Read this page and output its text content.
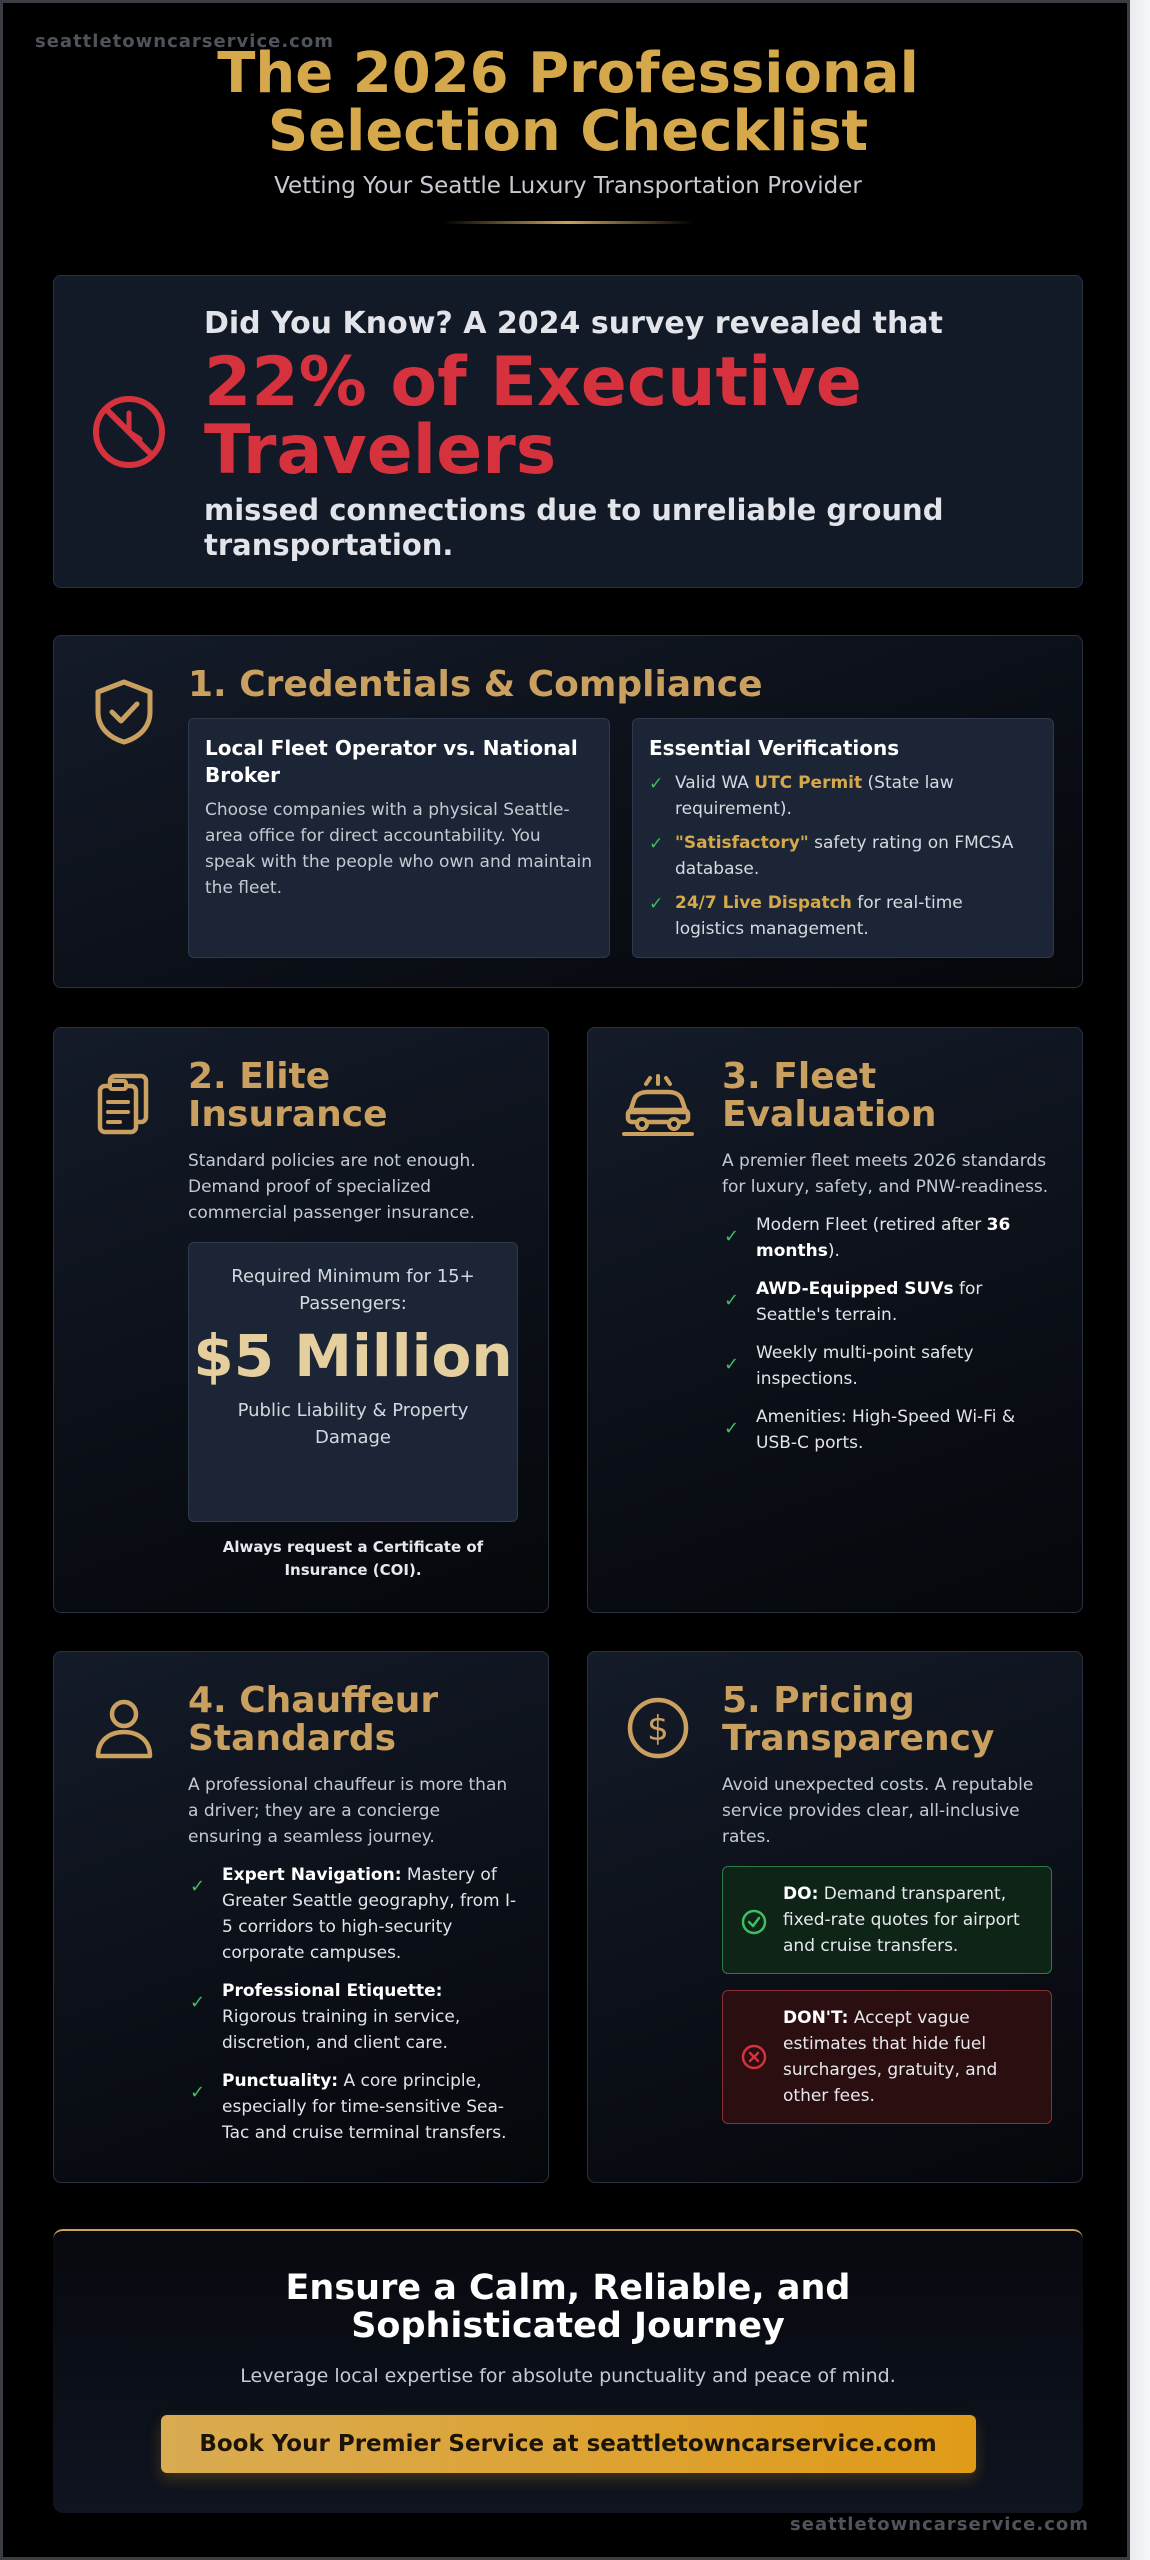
seattletowncarservice.com
The 2026 Professional Selection Checklist
Vetting Your Seattle Luxury Transportation Provider
Did You Know? A 2024 survey revealed that
22% of Executive Travelers
missed connections due to unreliable ground transportation.
1. Credentials & Compliance
Local Fleet Operator vs. National Broker

Choose companies with a physical Seattle-area office for direct accountability. You speak with the people who own and maintain the fleet.

Essential Verifications
✓ Valid WA UTC Permit (State law requirement).
✓ "Satisfactory" safety rating on FMCSA database.
✓ 24/7 Live Dispatch for real-time logistics management.
2. Elite Insurance

Standard policies are not enough. Demand proof of specialized commercial passenger insurance.

Required Minimum for 15+ Passengers:
$5 Million
Public Liability & Property Damage
Always request a Certificate of Insurance (COI).
3. Fleet Evaluation

A premier fleet meets 2026 standards for luxury, safety, and PNW-readiness.

✓
Modern Fleet (retired after 36 months).
✓
AWD-Equipped SUVs for Seattle's terrain.
✓
Weekly multi-point safety inspections.
✓
Amenities: High-Speed Wi-Fi & USB-C ports.
4. Chauffeur Standards

A professional chauffeur is more than a driver; they are a concierge ensuring a seamless journey.

✓
Expert Navigation: Mastery of Greater Seattle geography, from I-5 corridors to high-security corporate campuses.
✓
Professional Etiquette: Rigorous training in service, discretion, and client care.
✓
Punctuality: A core principle, especially for time-sensitive Sea-Tac and cruise terminal transfers.
$
5. Pricing Transparency

Avoid unexpected costs. A reputable service provides clear, all-inclusive rates.

DO: Demand transparent, fixed-rate quotes for airport and cruise transfers.
DON'T: Accept vague estimates that hide fuel surcharges, gratuity, and other fees.
Ensure a Calm, Reliable, and Sophisticated Journey

Leverage local expertise for absolute punctuality and peace of mind.

Book Your Premier Service at seattletowncarservice.com
seattletowncarservice.com
